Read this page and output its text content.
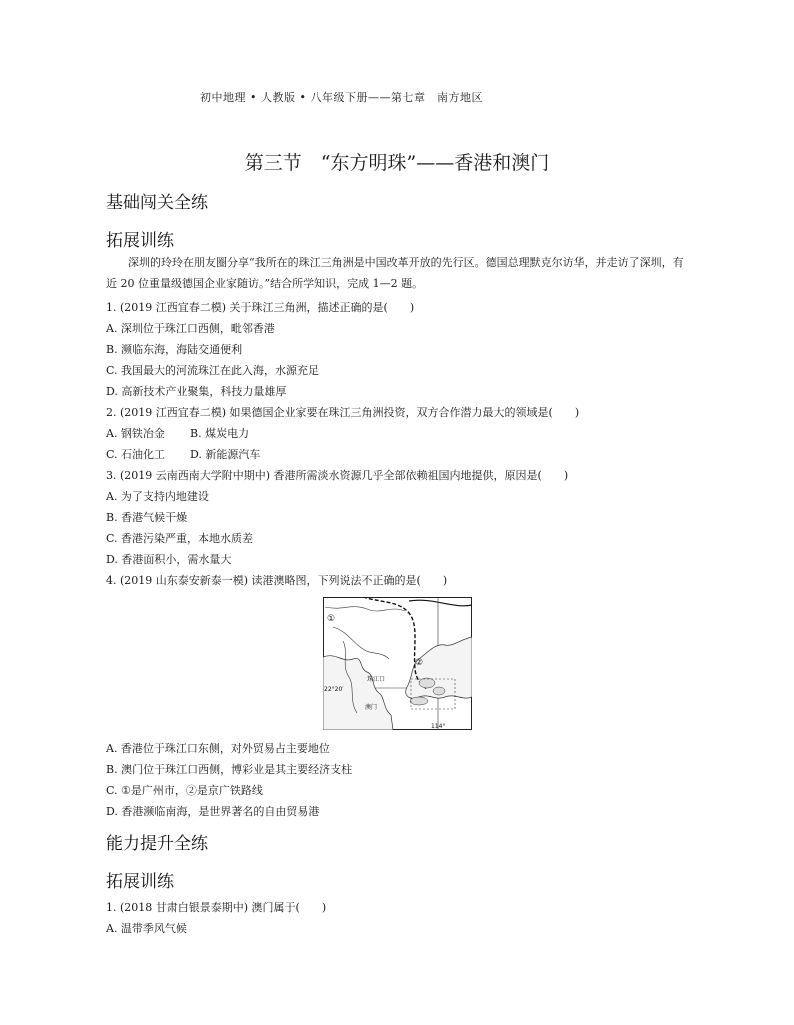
初中地理 • 人教版 • 八年级下册——第七章　南方地区
第三节　“东方明珠”——香港和澳门
基础闯关全练
拓展训练
深圳的玲玲在朋友圈分享“我所在的珠江三角洲是中国改革开放的先行区。德国总理默克尔访华，并走访了深圳，有近 20 位重量级德国企业家随访。”结合所学知识，完成 1—2 题。
1. (2019 江西宜春二模) 关于珠江三角洲，描述正确的是(　　)
A. 深圳位于珠江口西侧，毗邻香港
B. 濒临东海，海陆交通便利
C. 我国最大的河流珠江在此入海，水源充足
D. 高新技术产业聚集，科技力量雄厚
2. (2019 江西宜春二模) 如果德国企业家要在珠江三角洲投资，双方合作潜力最大的领域是(　　)
A. 钢铁冶金 B. 煤炭电力
C. 石油化工 D. 新能源汽车
3. (2019 云南西南大学附中期中) 香港所需淡水资源几乎全部依赖祖国内地提供，原因是(　　)
A. 为了支持内地建设
B. 香港气候干燥
C. 香港污染严重，本地水质差
D. 香港面积小，需水量大
4. (2019 山东泰安新泰一模) 读港澳略图，下列说法不正确的是(　　)
①
②
珠江口
澳门
22°20′
114°
A. 香港位于珠江口东侧，对外贸易占主要地位
B. 澳门位于珠江口西侧，博彩业是其主要经济支柱
C. ①是广州市，②是京广铁路线
D. 香港濒临南海，是世界著名的自由贸易港
能力提升全练
拓展训练
1. (2018 甘肃白银景泰期中) 澳门属于(　　)
A. 温带季风气候
